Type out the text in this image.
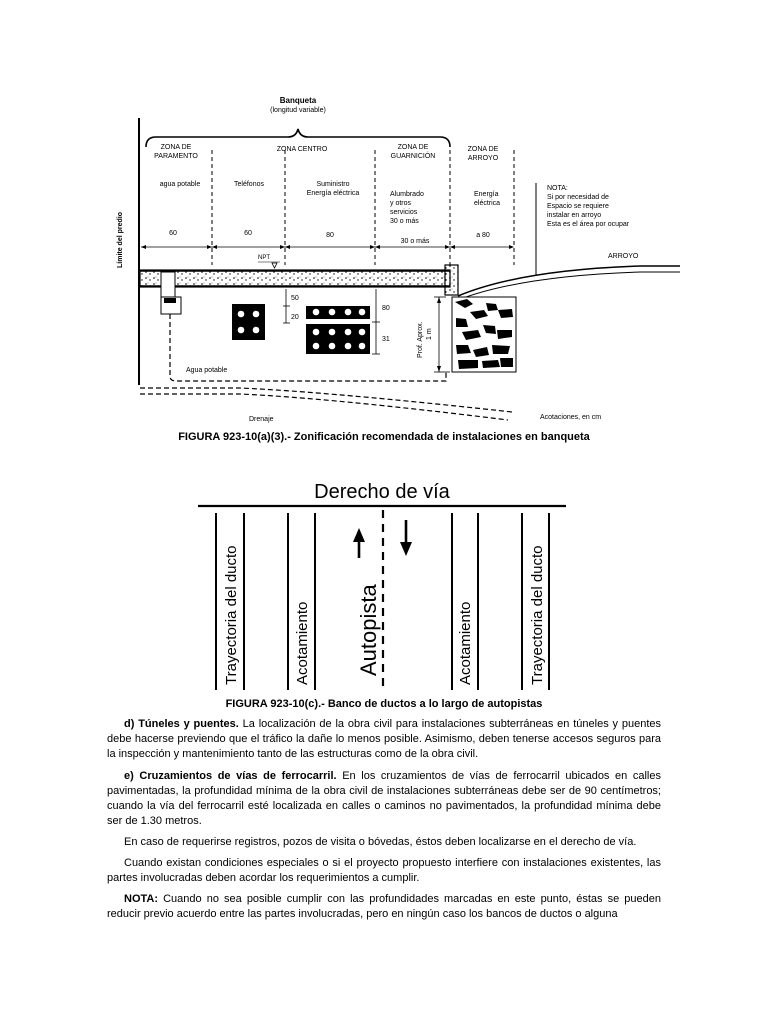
Banqueta
(longitud variable)
Límite del predio
ZONA DE
PARAMENTO
ZONA CENTRO	ZONA DE
GUARNICIÓN
ZONA DE
ARROYO
agua potable	Teléfonos	Suministro
Energía eléctrica	Alumbrado
y otros
servicios
30 o más
Energía
eléctrica
60	60	80
30 o más
a 80
NOTA:
Si por necesidad de
Espacio se requiere
instalar en arroyo
Esta es el área por ocupar
NPT	ARROYO
50
20
80
31	Prof. Aprox. 1 m
Agua potable
Drenaje	Acotaciones, en cm
FIGURA 923-10(a)(3).- Zonificación recomendada de instalaciones en banqueta
Derecho de vía
Trayectoria del ducto	Acotamiento Autopista	Acotamiento	Trayectoria del ducto
FIGURA 923-10(c).- Banco de ductos a lo largo de autopistas
d) Túneles y puentes. La localización de la obra civil para instalaciones subterráneas en túneles y puentes debe hacerse previendo que el tráfico la dañe lo menos posible. Asimismo, deben tenerse accesos seguros para la inspección y mantenimiento tanto de las estructuras como de la obra civil.
e) Cruzamientos de vías de ferrocarril. En los cruzamientos de vías de ferrocarril ubicados en calles pavimentadas, la profundidad mínima de la obra civil de instalaciones subterráneas debe ser de 90 centímetros; cuando la vía del ferrocarril esté localizada en calles o caminos no pavimentados, la profundidad mínima debe ser de 1.30 metros.
En caso de requerirse registros, pozos de visita o bóvedas, éstos deben localizarse en el derecho de vía.
Cuando existan condiciones especiales o si el proyecto propuesto interfiere con instalaciones existentes, las partes involucradas deben acordar los requerimientos a cumplir.
NOTA: Cuando no sea posible cumplir con las profundidades marcadas en este punto, éstas se pueden reducir previo acuerdo entre las partes involucradas, pero en ningún caso los bancos de ductos o alguna
